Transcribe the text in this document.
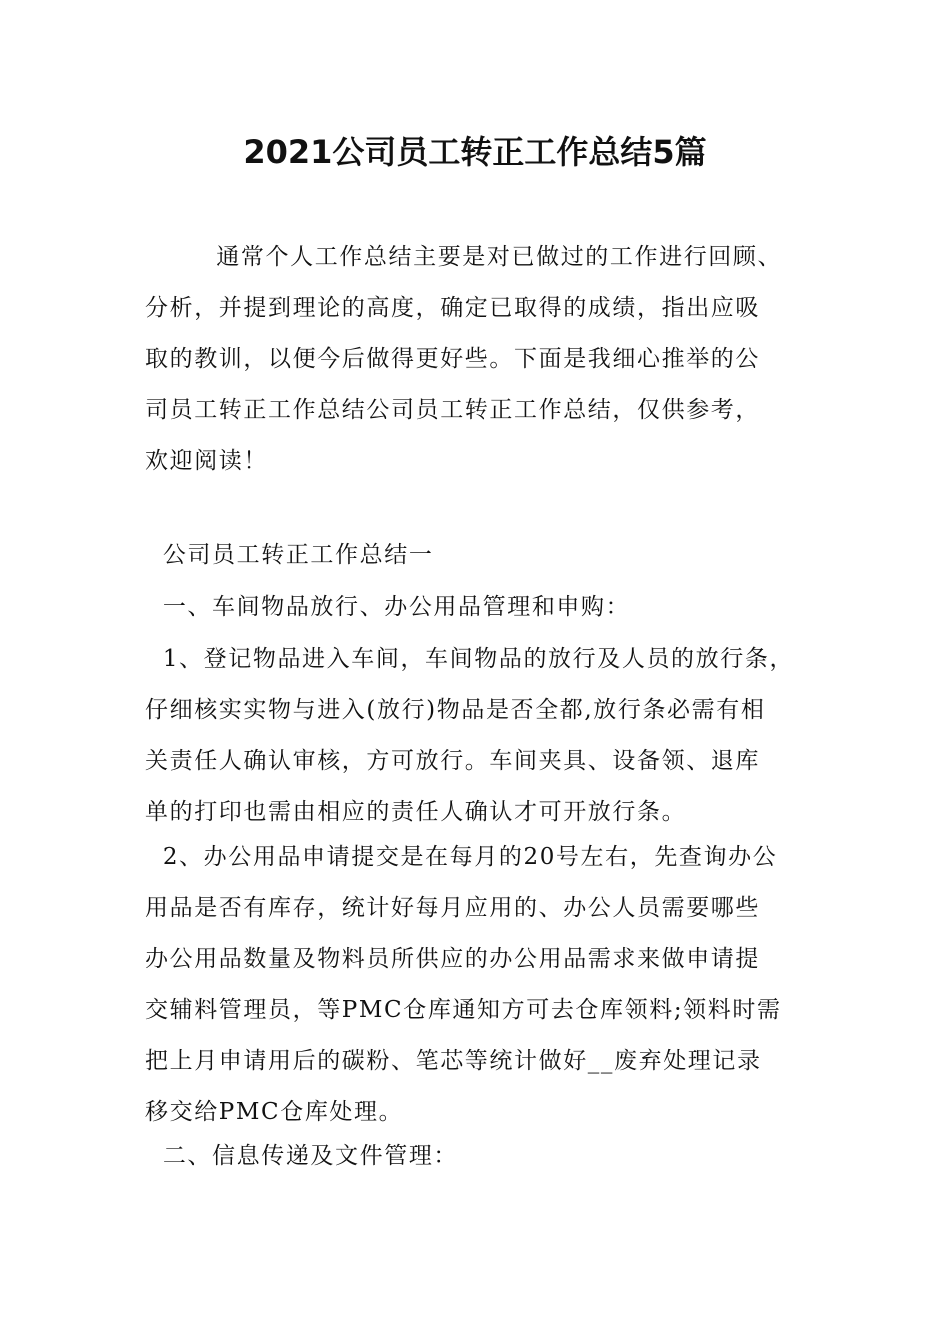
2021公司员工转正工作总结5篇
通常个人工作总结主要是对已做过的工作进行回顾、
分析，并提到理论的高度，确定已取得的成绩，指出应吸
取的教训，以便今后做得更好些。下面是我细心推举的公
司员工转正工作总结公司员工转正工作总结，仅供参考，
欢迎阅读！
公司员工转正工作总结一
一、车间物品放行、办公用品管理和申购：
1、登记物品进入车间，车间物品的放行及人员的放行条，
仔细核实实物与进入(放行)物品是否全都,放行条必需有相
关责任人确认审核，方可放行。车间夹具、设备领、退库
单的打印也需由相应的责任人确认才可开放行条。
2、办公用品申请提交是在每月的20号左右，先查询办公
用品是否有库存，统计好每月应用的、办公人员需要哪些
办公用品数量及物料员所供应的办公用品需求来做申请提
交辅料管理员，等PMC仓库通知方可去仓库领料;领料时需
把上月申请用后的碳粉、笔芯等统计做好__废弃处理记录
移交给PMC仓库处理。
二、信息传递及文件管理：
